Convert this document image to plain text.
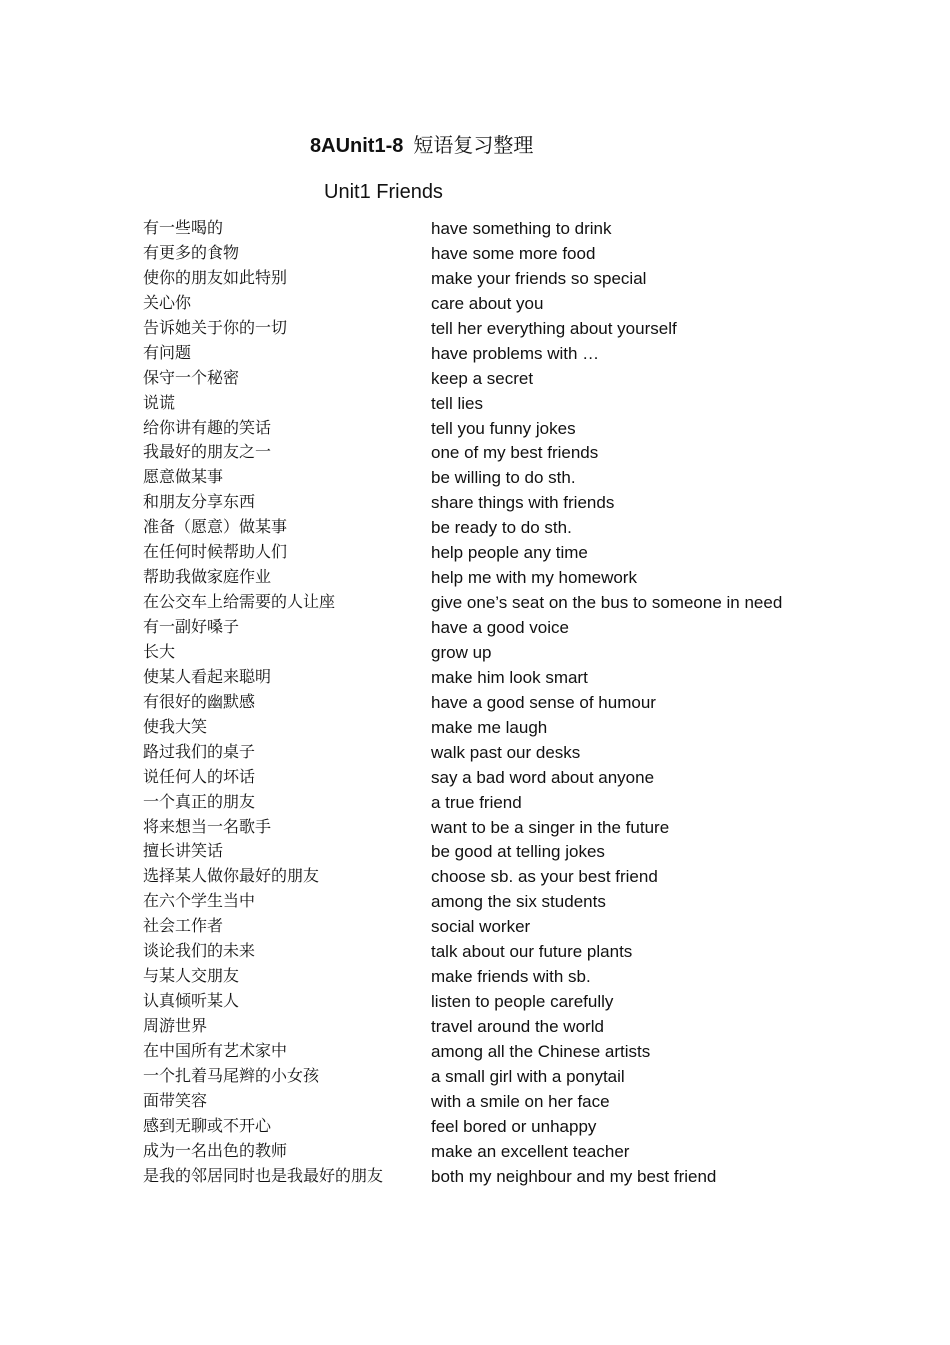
8AUnit1-8 短语复习整理
Unit1 Friends
有一些喝的	have something to drink
有更多的食物	have some more food
使你的朋友如此特别	make your friends so special
关心你	care about you
告诉她关于你的一切	tell her everything about yourself
有问题	have problems with …
保守一个秘密	keep a secret
说谎	tell lies
给你讲有趣的笑话	tell you funny jokes
我最好的朋友之一	one of my best friends
愿意做某事	be willing to do sth.
和朋友分享东西	share things with friends
准备（愿意）做某事	be ready to do sth.
在任何时候帮助人们	help people any time
帮助我做家庭作业	help me with my homework
在公交车上给需要的人让座	give one’s seat on the bus to someone in need
有一副好嗓子	have a good voice
长大	grow up
使某人看起来聪明	make him look smart
有很好的幽默感	have a good sense of humour
使我大笑	make me laugh
路过我们的桌子	walk past our desks
说任何人的坏话	say a bad word about anyone
一个真正的朋友	a true friend
将来想当一名歌手	want to be a singer in the future
擅长讲笑话	be good at telling jokes
选择某人做你最好的朋友	choose sb. as your best friend
在六个学生当中	among the six students
社会工作者	social worker
谈论我们的未来	talk about our future plants
与某人交朋友	make friends with sb.
认真倾听某人	listen to people carefully
周游世界	travel around the world
在中国所有艺术家中	among all the Chinese artists
一个扎着马尾辫的小女孩	a small girl with a ponytail
面带笑容	with a smile on her face
感到无聊或不开心	feel bored or unhappy
成为一名出色的教师	make an excellent teacher
是我的邻居同时也是我最好的朋友	both my neighbour and my best friend
